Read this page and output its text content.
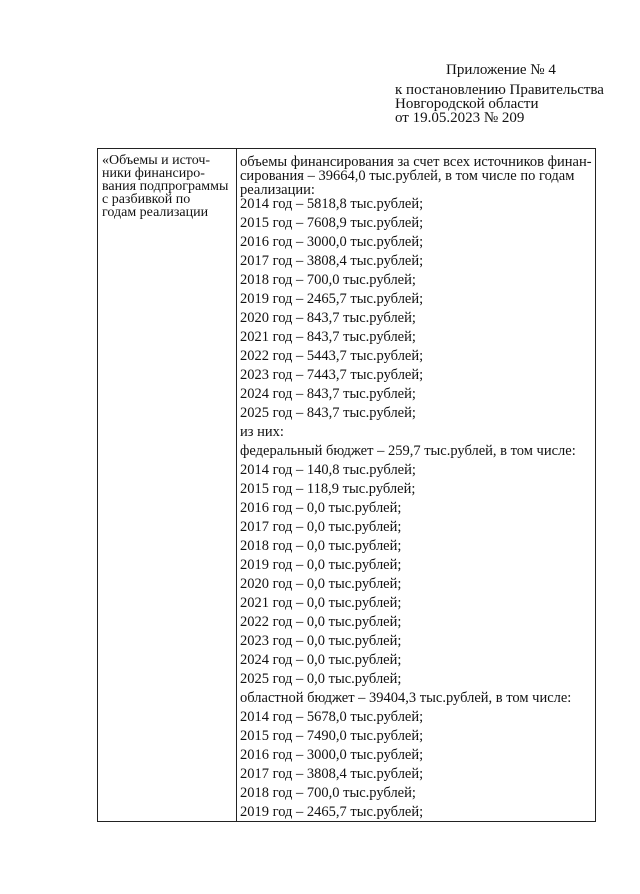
Приложение № 4
к постановлению Правительства
Новгородской области
от 19.05.2023 № 209
«Объемы и источ-
ники финансиро-
вания подпрограммы
с разбивкой по
годам реализации
объемы финансирования за счет всех источников финан-
сирования – 39664,0 тыс.рублей, в том числе по годам
реализации:
2014 год – 5818,8 тыс.рублей;
2015 год – 7608,9 тыс.рублей;
2016 год – 3000,0 тыс.рублей;
2017 год – 3808,4 тыс.рублей;
2018 год – 700,0 тыс.рублей;
2019 год – 2465,7 тыс.рублей;
2020 год – 843,7 тыс.рублей;
2021 год – 843,7 тыс.рублей;
2022 год – 5443,7 тыс.рублей;
2023 год – 7443,7 тыс.рублей;
2024 год – 843,7 тыс.рублей;
2025 год – 843,7 тыс.рублей;
из них:
федеральный бюджет – 259,7 тыс.рублей, в том числе:
2014 год – 140,8 тыс.рублей;
2015 год – 118,9 тыс.рублей;
2016 год – 0,0 тыс.рублей;
2017 год – 0,0 тыс.рублей;
2018 год – 0,0 тыс.рублей;
2019 год – 0,0 тыс.рублей;
2020 год – 0,0 тыс.рублей;
2021 год – 0,0 тыс.рублей;
2022 год – 0,0 тыс.рублей;
2023 год – 0,0 тыс.рублей;
2024 год – 0,0 тыс.рублей;
2025 год – 0,0 тыс.рублей;
областной бюджет – 39404,3 тыс.рублей, в том числе:
2014 год – 5678,0 тыс.рублей;
2015 год – 7490,0 тыс.рублей;
2016 год – 3000,0 тыс.рублей;
2017 год – 3808,4 тыс.рублей;
2018 год – 700,0 тыс.рублей;
2019 год – 2465,7 тыс.рублей;
